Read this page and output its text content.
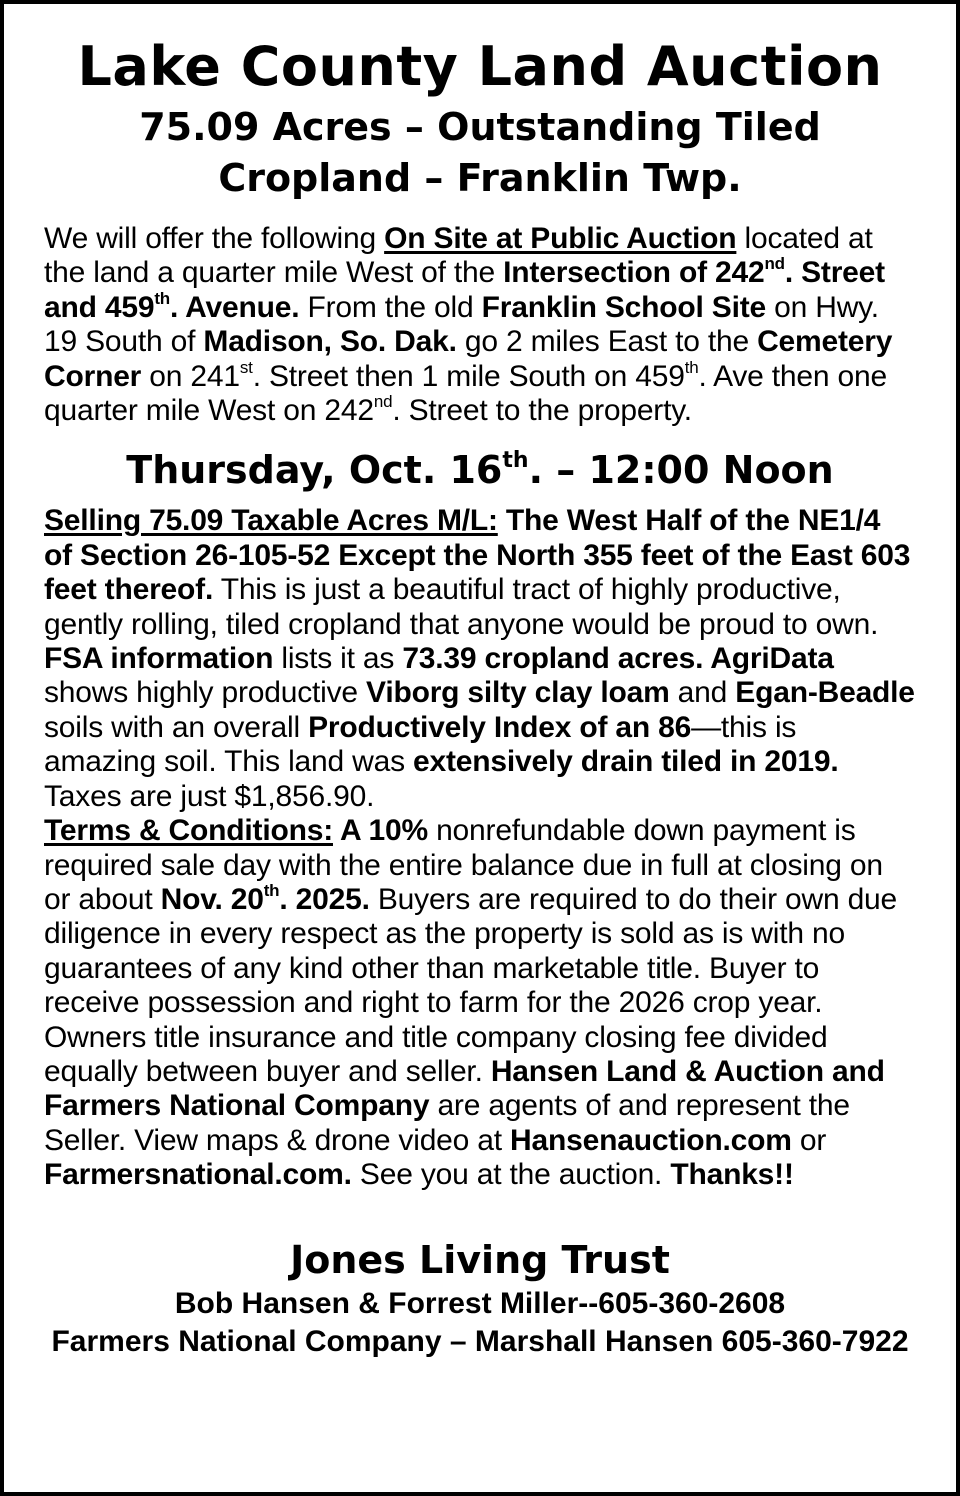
Lake County Land Auction
75.09 Acres – Outstanding Tiled
Cropland – Franklin Twp.

We will offer the following On Site at Public Auction located at the land a quarter mile West of the Intersection of 242nd. Street and 459th. Avenue. From the old Franklin School Site on Hwy. 19 South of Madison, So. Dak. go 2 miles East to the Cemetery Corner on 241st. Street then 1 mile South on 459th. Ave then one quarter mile West on 242nd. Street to the property.

Thursday, Oct. 16th. – 12:00 Noon

Selling 75.09 Taxable Acres M/L: The West Half of the NE1/4 of Section 26-105-52 Except the North 355 feet of the East 603 feet thereof. This is just a beautiful tract of highly productive, gently rolling, tiled cropland that anyone would be proud to own. FSA information lists it as 73.39 cropland acres. AgriData shows highly productive Viborg silty clay loam and Egan-Beadle soils with an overall Productively Index of an 86—this is amazing soil. This land was extensively drain tiled in 2019. Taxes are just $1,856.90.
Terms & Conditions: A 10% nonrefundable down payment is required sale day with the entire balance due in full at closing on or about Nov. 20th. 2025. Buyers are required to do their own due diligence in every respect as the property is sold as is with no guarantees of any kind other than marketable title. Buyer to receive possession and right to farm for the 2026 crop year. Owners title insurance and title company closing fee divided equally between buyer and seller. Hansen Land & Auction and Farmers National Company are agents of and represent the Seller. View maps & drone video at Hansenauction.com or Farmersnational.com. See you at the auction. Thanks!!

Jones Living Trust
Bob Hansen & Forrest Miller--605-360-2608
Farmers National Company – Marshall Hansen 605-360-7922
